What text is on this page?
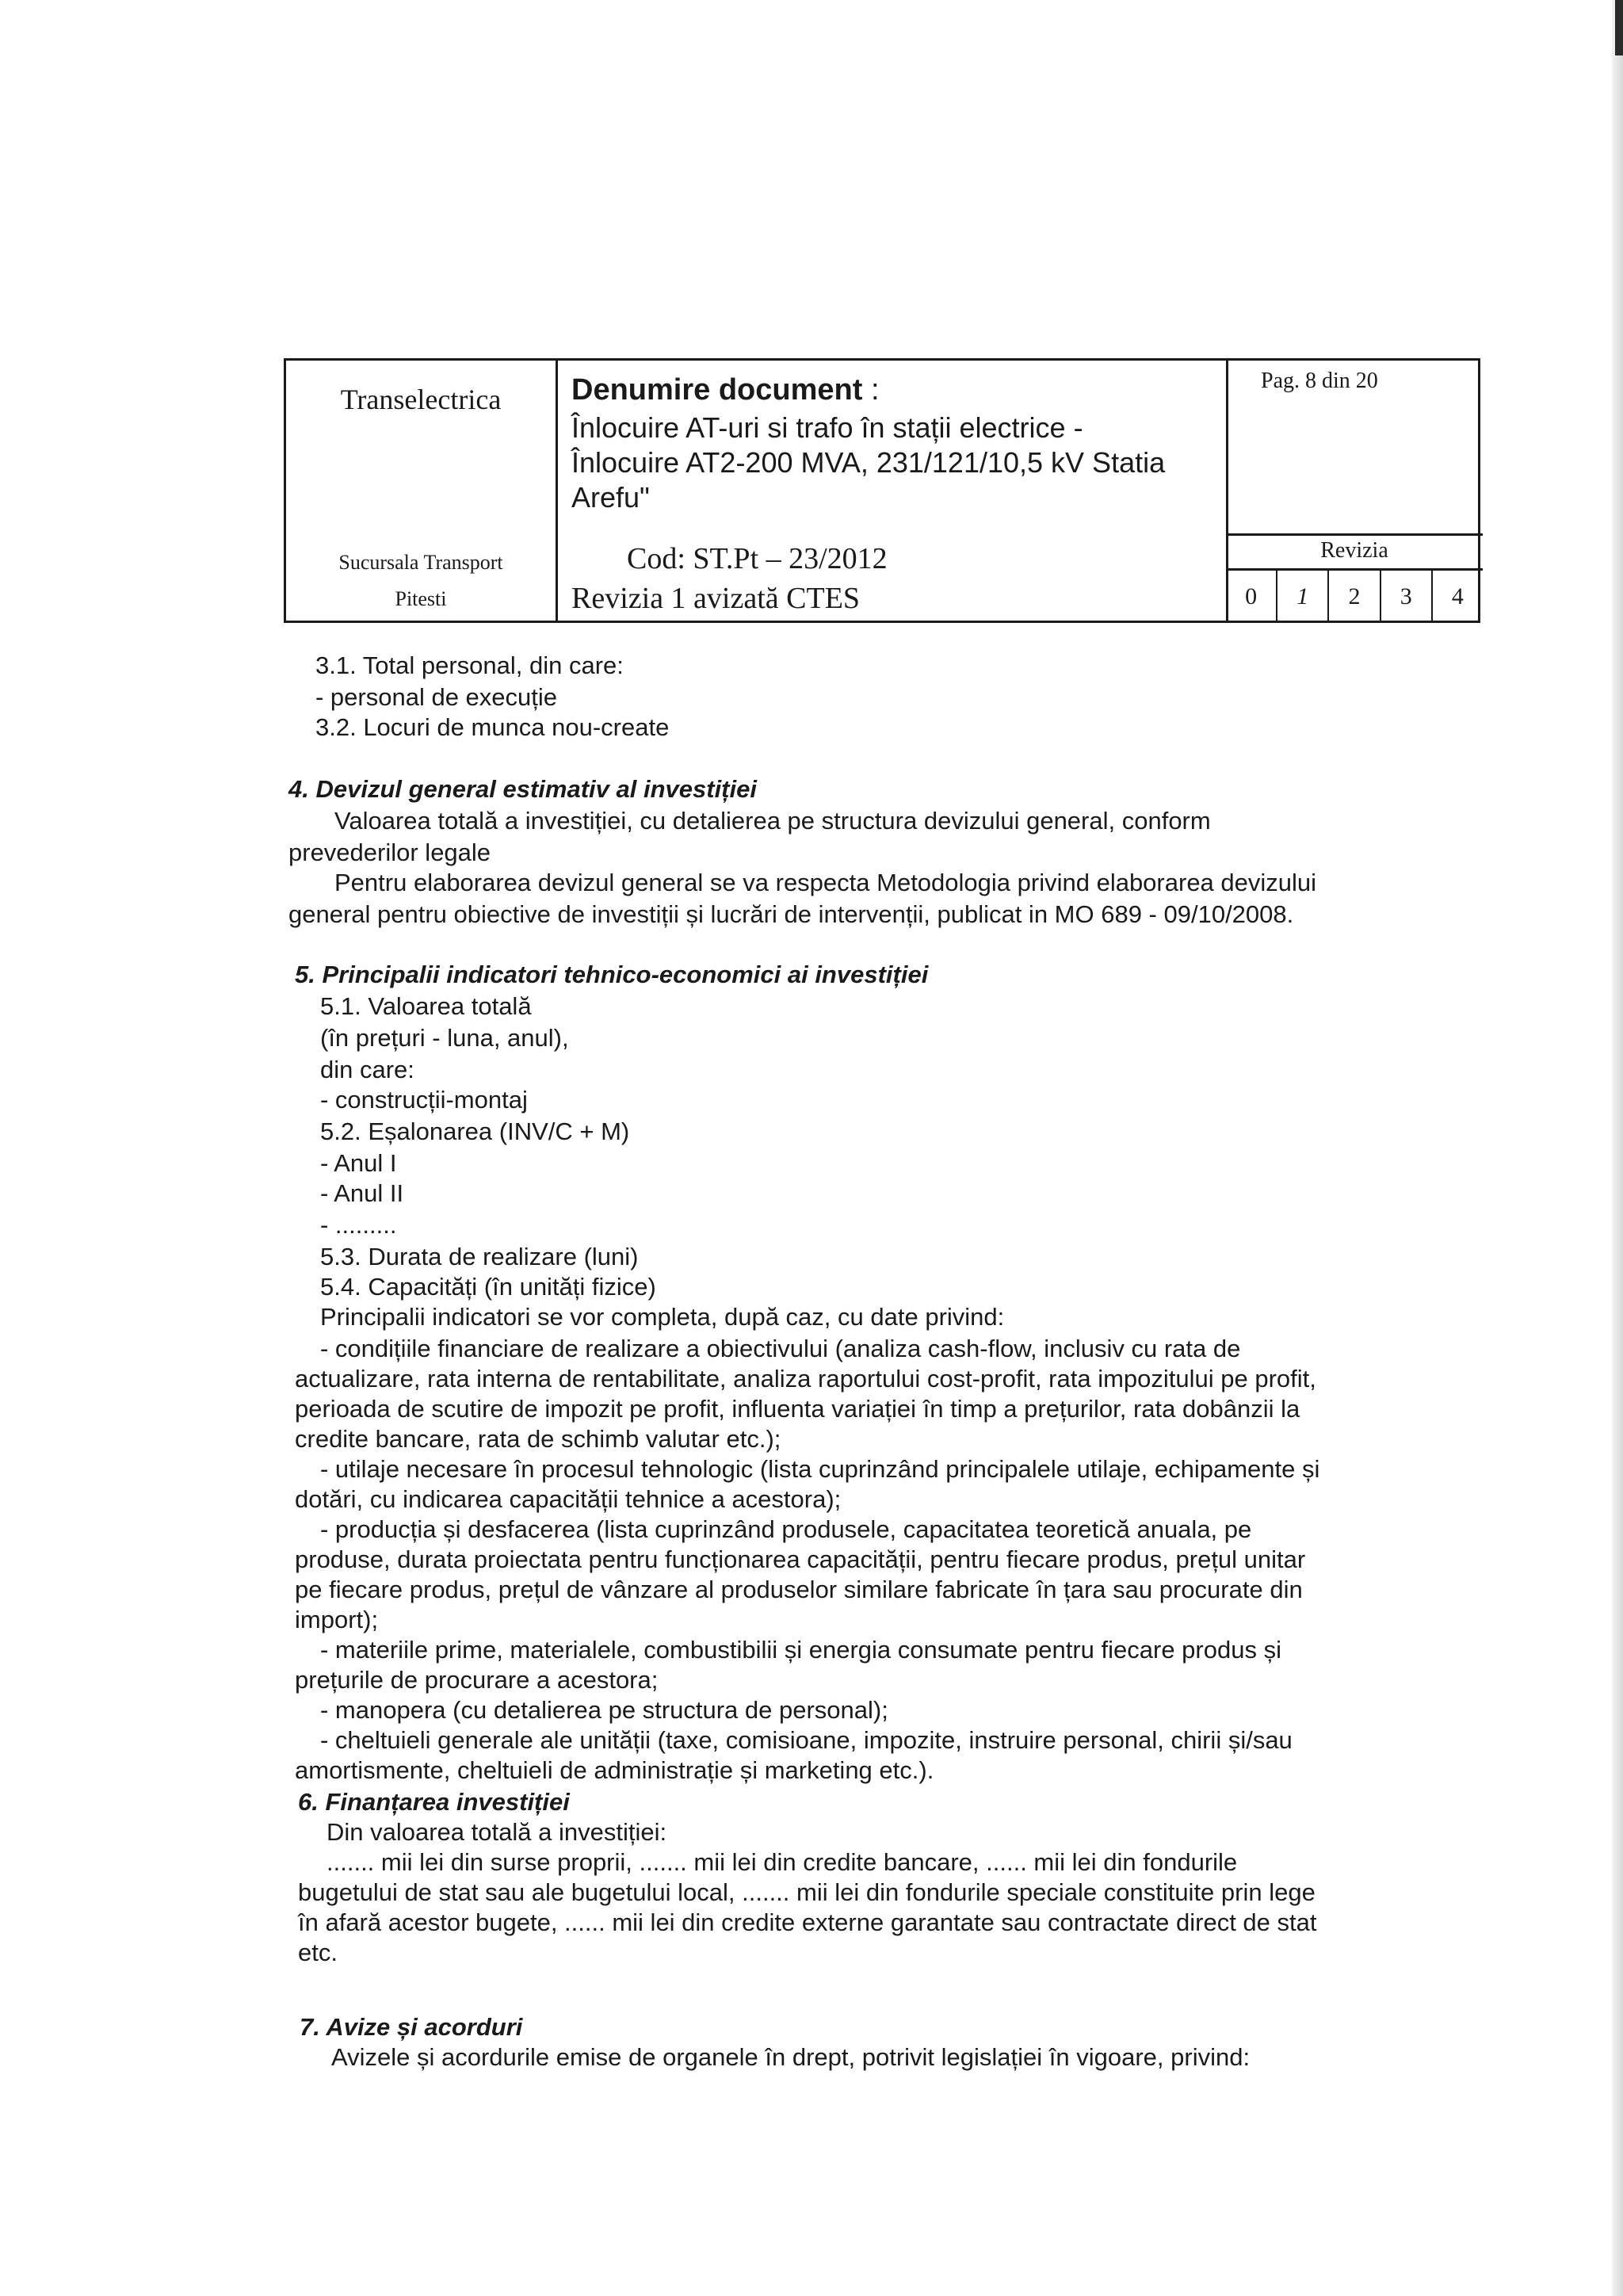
Transelectrica
Sucursala Transport
Pitesti
Denumire document :
Înlocuire AT-uri si trafo în stații electrice -
Înlocuire AT2-200 MVA, 231/121/10,5 kV Statia
Arefu"
Cod: ST.Pt – 23/2012
Revizia 1 avizată CTES
Pag. 8 din 20
Revizia
0	1	2	3	4
3.1. Total personal, din care:
- personal de execuție
3.2. Locuri de munca nou-create
4. Devizul general estimativ al investiției
Valoarea totală a investiției, cu detalierea pe structura devizului general, conform
prevederilor legale
Pentru elaborarea devizul general se va respecta Metodologia privind elaborarea devizului
general pentru obiective de investiții și lucrări de intervenții, publicat in MO 689 - 09/10/2008.
5. Principalii indicatori tehnico-economici ai investiției
5.1. Valoarea totală
(în prețuri - luna, anul),
din care:
- construcții-montaj
5.2. Eșalonarea (INV/C + M)
- Anul I
- Anul II
- .........
5.3. Durata de realizare (luni)
5.4. Capacități (în unități fizice)
Principalii indicatori se vor completa, după caz, cu date privind:
- condițiile financiare de realizare a obiectivului (analiza cash-flow, inclusiv cu rata de
actualizare, rata interna de rentabilitate, analiza raportului cost-profit, rata impozitului pe profit,
perioada de scutire de impozit pe profit, influenta variației în timp a prețurilor, rata dobânzii la
credite bancare, rata de schimb valutar etc.);
- utilaje necesare în procesul tehnologic (lista cuprinzând principalele utilaje, echipamente și
dotări, cu indicarea capacității tehnice a acestora);
- producția și desfacerea (lista cuprinzând produsele, capacitatea teoretică anuala, pe
produse, durata proiectata pentru funcționarea capacității, pentru fiecare produs, prețul unitar
pe fiecare produs, prețul de vânzare al produselor similare fabricate în țara sau procurate din
import);
- materiile prime, materialele, combustibilii și energia consumate pentru fiecare produs și
prețurile de procurare a acestora;
- manopera (cu detalierea pe structura de personal);
- cheltuieli generale ale unității (taxe, comisioane, impozite, instruire personal, chirii și/sau
amortismente, cheltuieli de administrație și marketing etc.).
6. Finanțarea investiției
Din valoarea totală a investiției:
....... mii lei din surse proprii, ....... mii lei din credite bancare, ...... mii lei din fondurile
bugetului de stat sau ale bugetului local, ....... mii lei din fondurile speciale constituite prin lege
în afară acestor bugete, ...... mii lei din credite externe garantate sau contractate direct de stat
etc.
7. Avize și acorduri
Avizele și acordurile emise de organele în drept, potrivit legislației în vigoare, privind:
